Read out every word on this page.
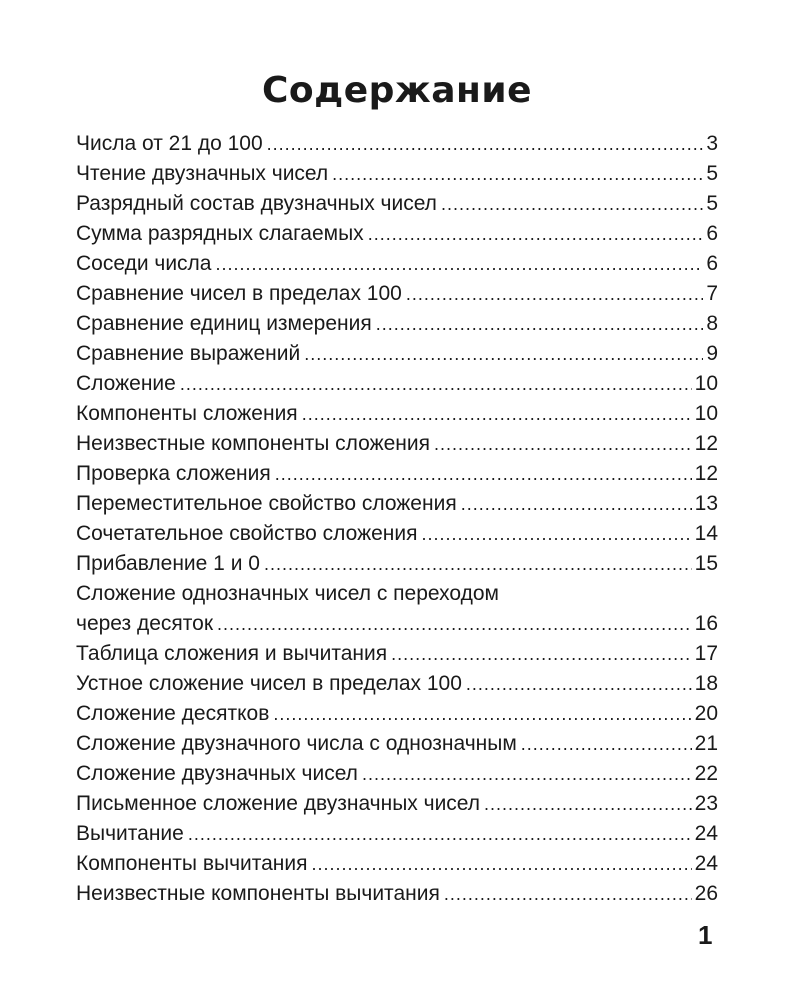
Содержание
Числа от 21 до 100 .....	3
Чтение двузначных чисел .....	5
Разрядный состав двузначных чисел .....	5
Сумма разрядных слагаемых .....	6
Соседи числа .....	6
Сравнение чисел в пределах 100 .....	7
Сравнение единиц измерения .....	8
Сравнение выражений .....	9
Сложение .....	10
Компоненты сложения .....	10
Неизвестные компоненты сложения .....	12
Проверка сложения .....	12
Переместительное свойство сложения .....	13
Сочетательное свойство сложения .....	14
Прибавление 1 и 0 .....	15
Сложение однозначных чисел с переходом
через десяток .....	16
Таблица сложения и вычитания .....	17
Устное сложение чисел в пределах 100 .....	18
Сложение десятков .....	20
Сложение двузначного числа с однозначным .....	21
Сложение двузначных чисел .....	22
Письменное сложение двузначных чисел .....	23
Вычитание .....	24
Компоненты вычитания .....	24
Неизвестные компоненты вычитания .....	26
1
